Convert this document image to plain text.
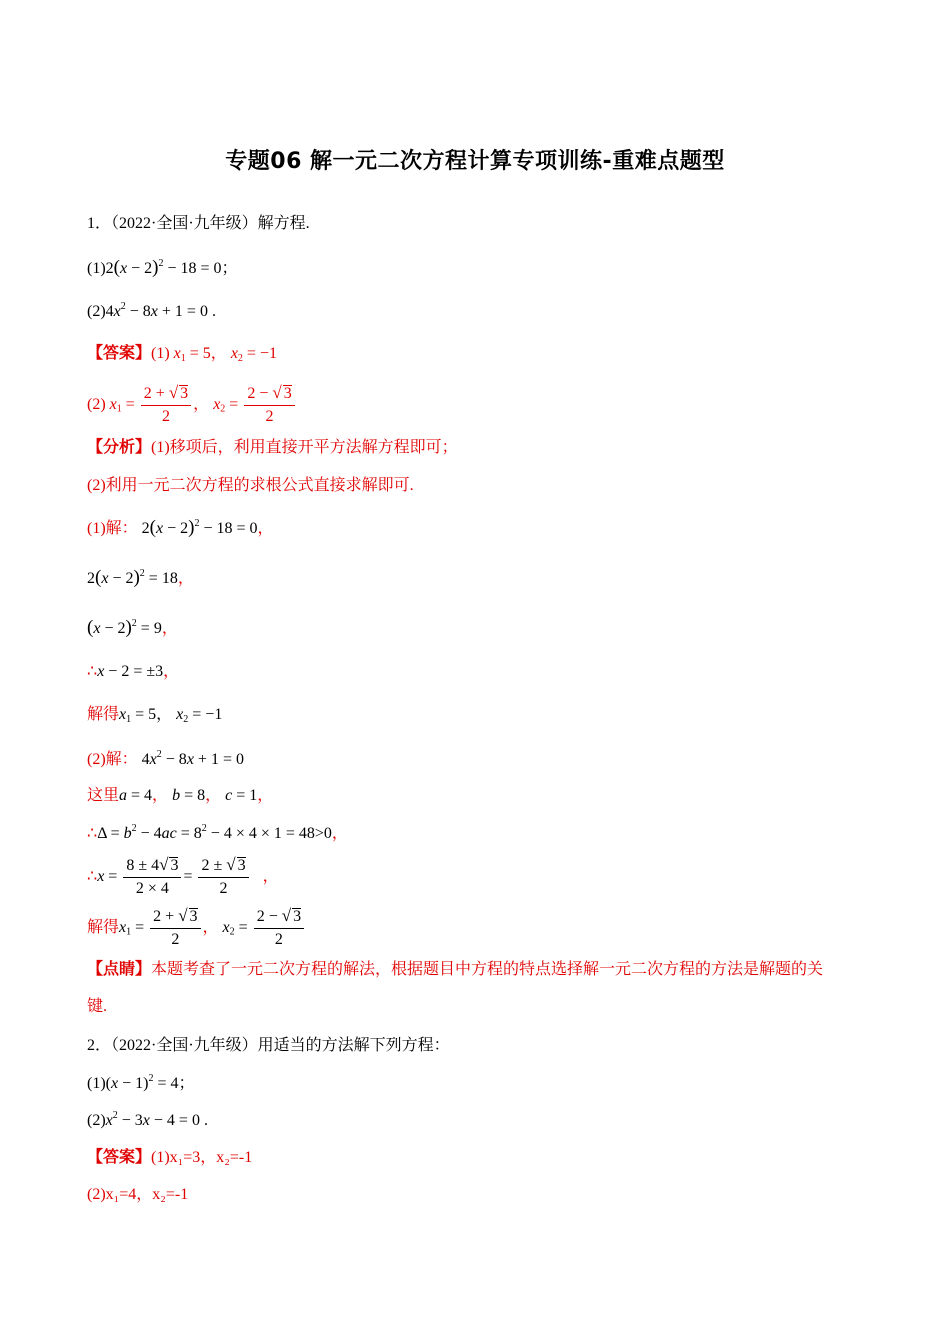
专题06 解一元二次方程计算专项训练-重难点题型
1．（2022·全国·九年级）解方程.
$(1)2(x - 2)^2 - 18 = 0$；
$(2)4x^2 - 8x + 1 = 0$ .
【答案】(1) $x_1 = 5$， $x_2 = -1$
(2) $x_1 = \frac{2 + √ 3}{2}$ ， $x_2 = \frac{2 - √ 3}{2}$
【分析】(1)移项后，利用直接开平方法解方程即可；
(2)利用一元二次方程的求根公式直接求解即可.
(1)解： $2(x - 2)^2 - 18 = 0$，
$2(x - 2)^2 = 18$，
$(x - 2)^2 = 9$，
∴x − 2 = ±3，
解得$x_1 = 5$， $x_2 = -1$
(2)解： $4x^2 - 8x + 1 = 0$
这里a = 4， b = 8， c = 1，
∴Δ = $b^2 - 4ac = 8^2 - 4 \times 4 \times 1 = 48>0$，
∴x = $\frac{8 \pm 4√ 3}{2 \times 4} = \frac{2 \pm √ 3}{2}$ ，
解得$x_1 = \frac{2 + √ 3}{2}$ ， $x_2 = \frac{2 - √ 3}{2}$
【点睛】本题考查了一元二次方程的解法，根据题目中方程的特点选择解一元二次方程的方法是解题的关
键.
2．（2022·全国·九年级）用适当的方法解下列方程：
$(1)(x - 1)^2 = 4$；
$(2)x^2 - 3x - 4 = 0$ .
【答案】(1)x₁=3，x₂=-1
(2)x₁=4，x₂=-1
